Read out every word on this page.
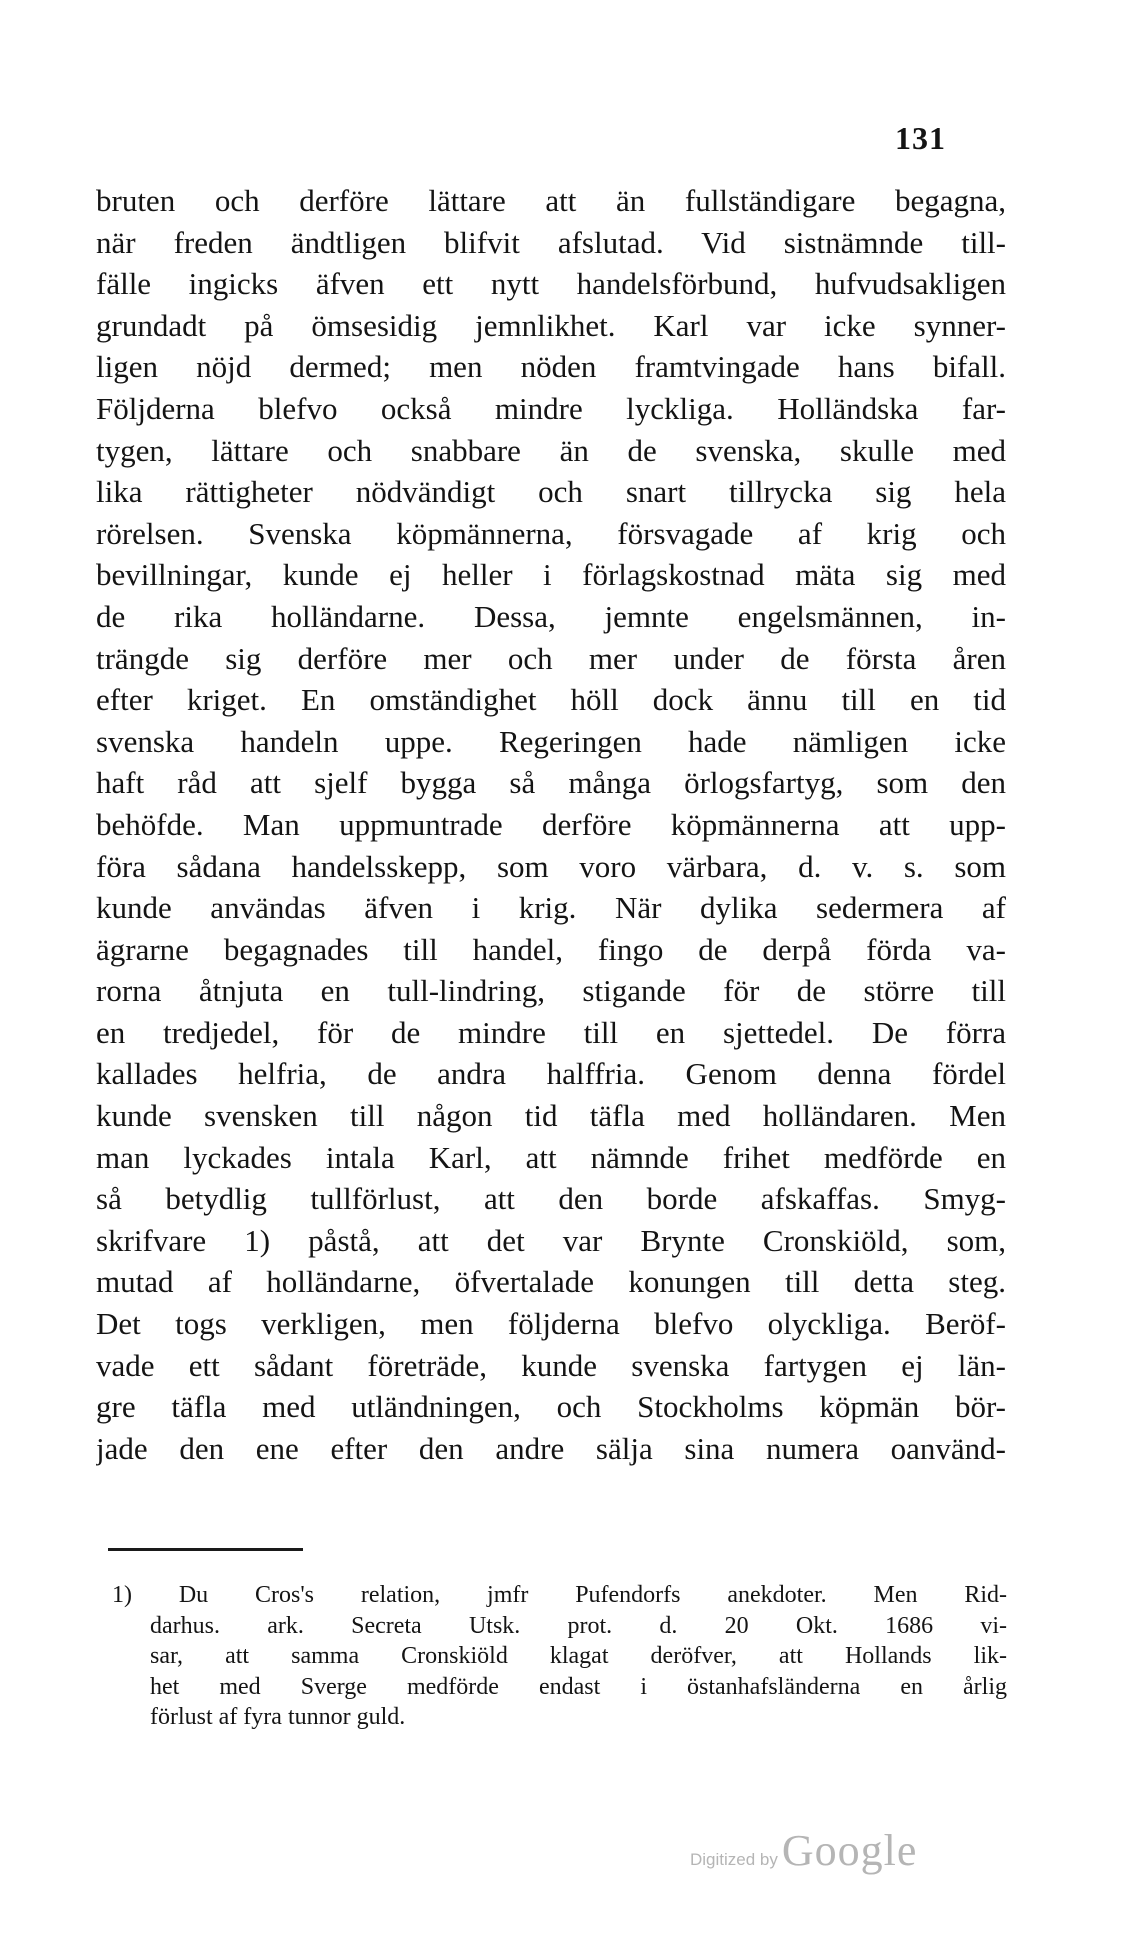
131
bruten och derföre lättare att än fullständigare begagna,
när freden ändtligen blifvit afslutad. Vid sistnämnde till-
fälle ingicks äfven ett nytt handelsförbund, hufvudsakligen
grundadt på ömsesidig jemnlikhet. Karl var icke synner-
ligen nöjd dermed; men nöden framtvingade hans bifall.
Följderna blefvo också mindre lyckliga. Holländska far-
tygen, lättare och snabbare än de svenska, skulle med
lika rättigheter nödvändigt och snart tillrycka sig hela
rörelsen. Svenska köpmännerna, försvagade af krig och
bevillningar, kunde ej heller i förlagskostnad mäta sig med
de rika holländarne. Dessa, jemnte engelsmännen, in-
trängde sig derföre mer och mer under de första åren
efter kriget. En omständighet höll dock ännu till en tid
svenska handeln uppe. Regeringen hade nämligen icke
haft råd att sjelf bygga så många örlogsfartyg, som den
behöfde. Man uppmuntrade derföre köpmännerna att upp-
föra sådana handelsskepp, som voro värbara, d. v. s. som
kunde användas äfven i krig. När dylika sedermera af
ägrarne begagnades till handel, fingo de derpå förda va-
rorna åtnjuta en tull-lindring, stigande för de större till
en tredjedel, för de mindre till en sjettedel. De förra
kallades helfria, de andra halffria. Genom denna fördel
kunde svensken till någon tid täfla med holländaren. Men
man lyckades intala Karl, att nämnde frihet medförde en
så betydlig tullförlust, att den borde afskaffas. Smyg-
skrifvare 1) påstå, att det var Brynte Cronskiöld, som,
mutad af holländarne, öfvertalade konungen till detta steg.
Det togs verkligen, men följderna blefvo olyckliga. Beröf-
vade ett sådant företräde, kunde svenska fartygen ej län-
gre täfla med utländningen, och Stockholms köpmän bör-
jade den ene efter den andre sälja sina numera oanvänd-
1) Du Cros's relation, jmfr Pufendorfs anekdoter. Men Rid-
darhus. ark. Secreta Utsk. prot. d. 20 Okt. 1686 vi-
sar, att samma Cronskiöld klagat deröfver, att Hollands lik-
het med Sverge medförde endast i östanhafsländerna en årlig
förlust af fyra tunnor guld.
Digitized by Google
